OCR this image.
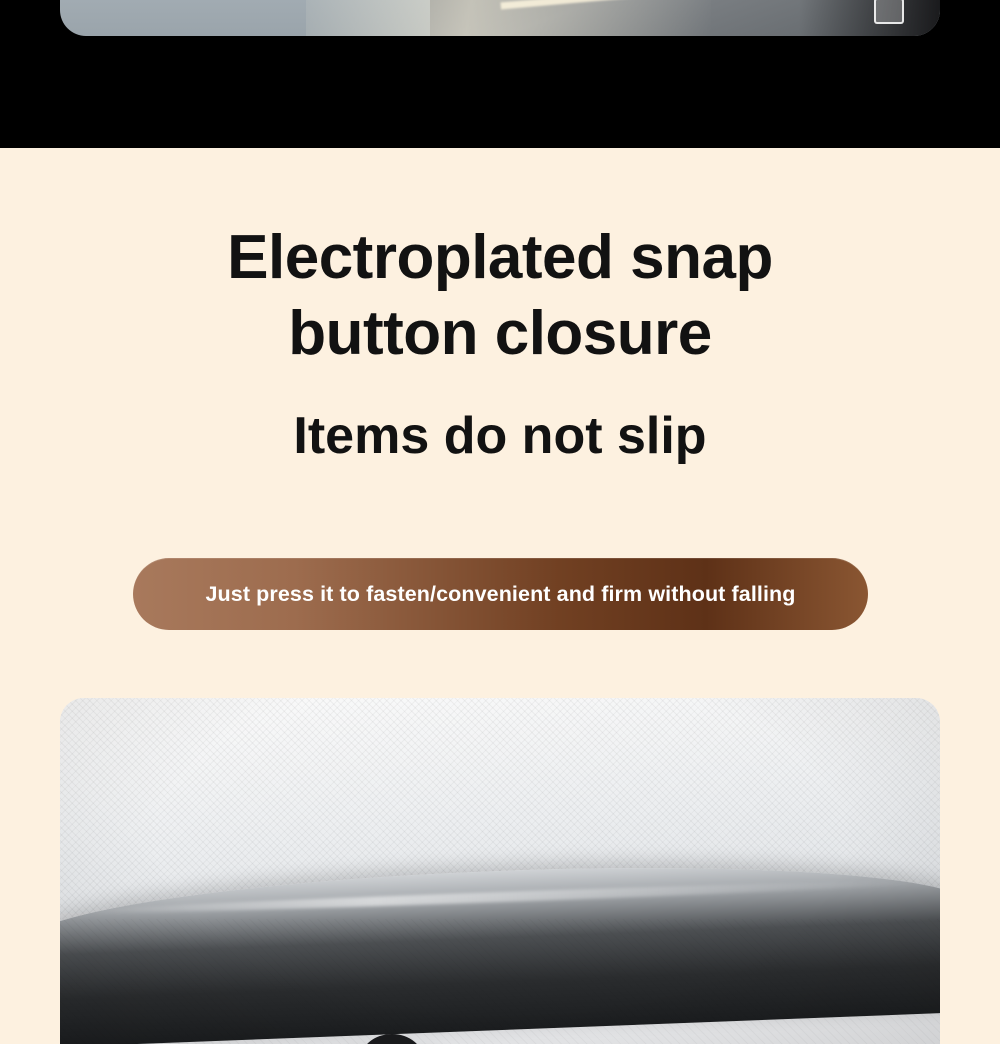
Electroplated snap
button closure
Items do not slip
Just press it to fasten/convenient and firm without falling
